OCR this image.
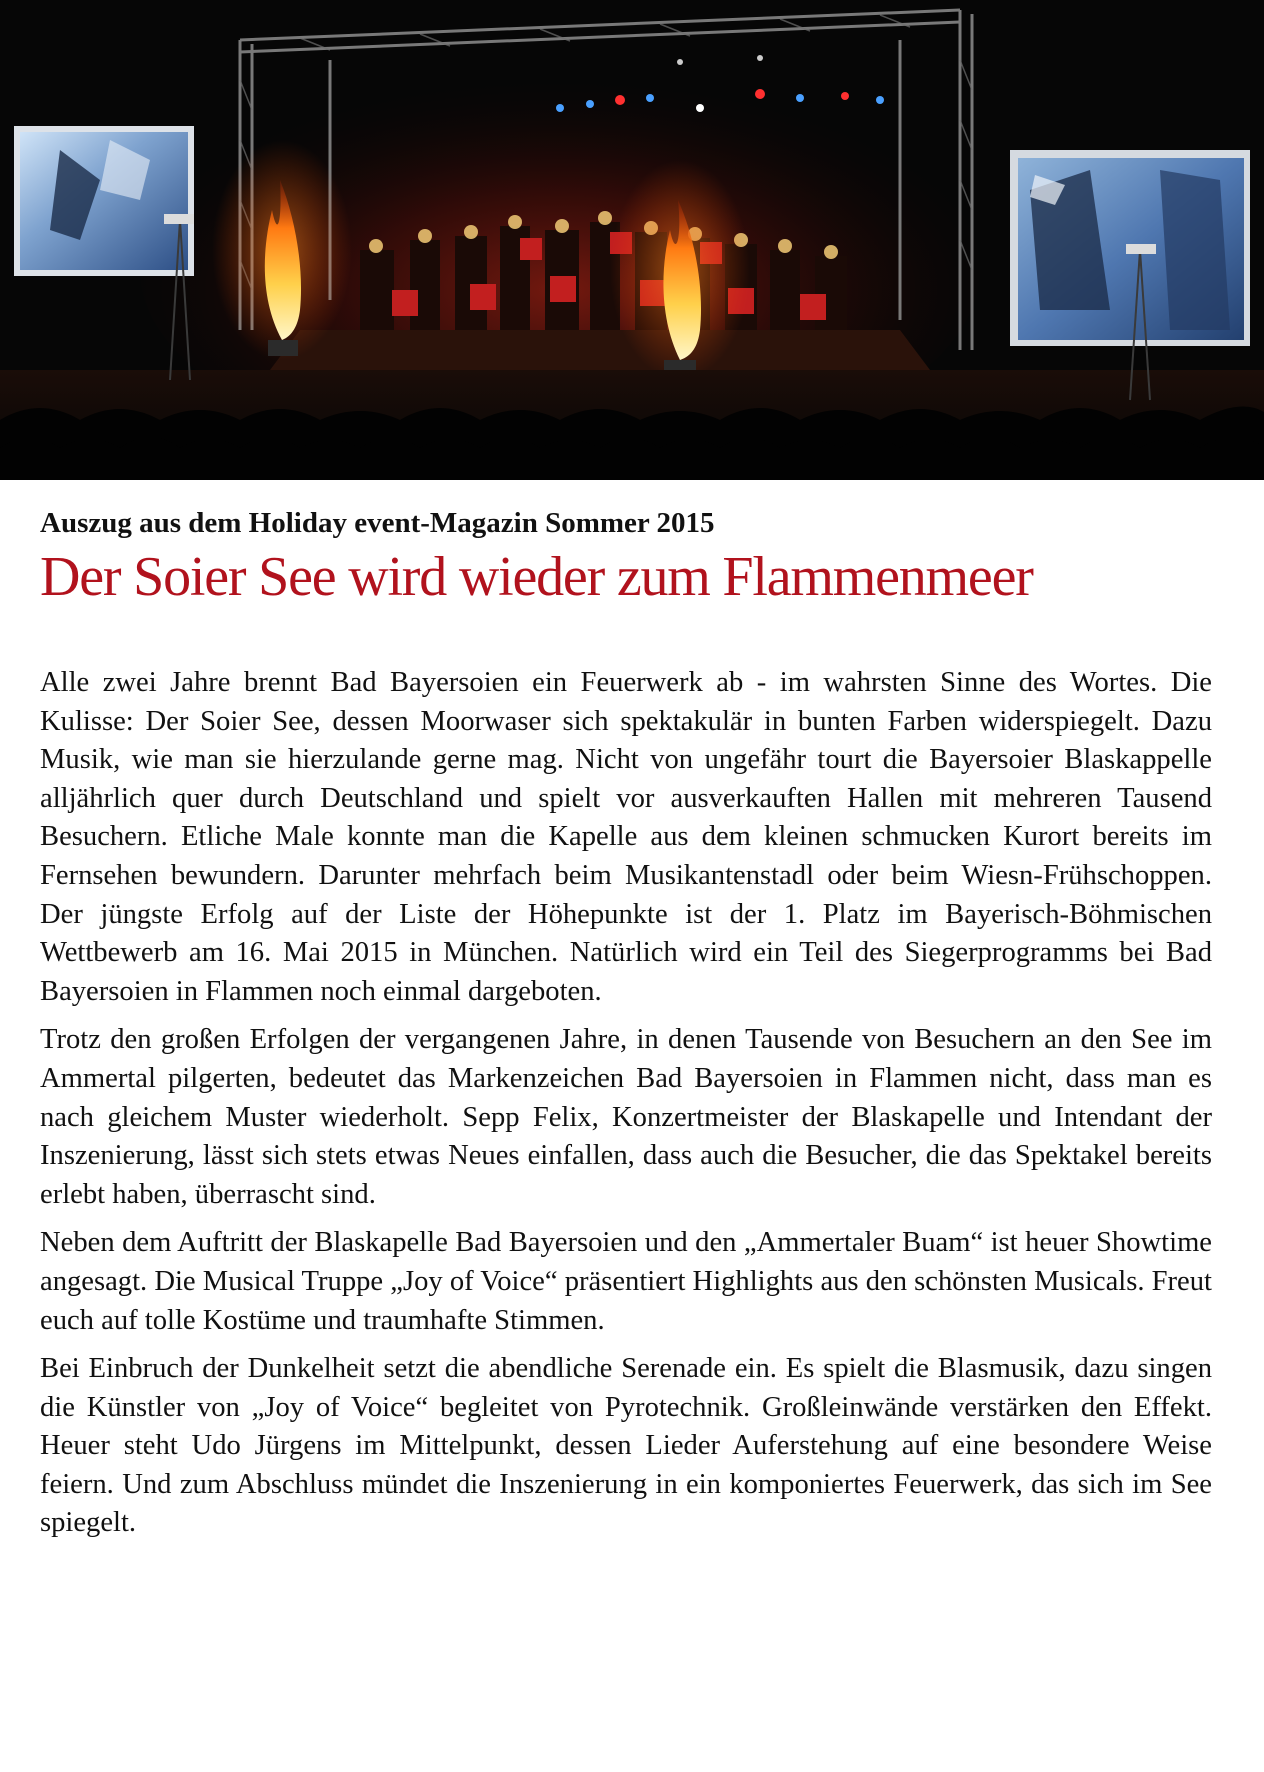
Auszug aus dem Holiday event-Magazin Sommer 2015
Der Soier See wird wieder zum Flammenmeer

Alle zwei Jahre brennt Bad Bayersoien ein Feuerwerk ab - im wahrsten Sinne des Wortes. Die Kulisse: Der Soier See, dessen Moorwaser sich spektakulär in bunten Farben widerspiegelt. Dazu Musik, wie man sie hierzulande gerne mag. Nicht von ungefähr tourt die Bayersoier Blaskappelle alljährlich quer durch Deutschland und spielt vor ausverkauften Hallen mit mehreren Tausend Besuchern. Etliche Male konnte man die Kapelle aus dem kleinen schmucken Kurort bereits im Fernsehen bewundern. Darunter mehrfach beim Musikantenstadl oder beim Wiesn-Frühschoppen. Der jüngste Erfolg auf der Liste der Höhepunkte ist der 1. Platz im Bayerisch-Böhmischen Wettbewerb am 16. Mai 2015 in München. Natürlich wird ein Teil des Siegerprogramms bei Bad Bayersoien in Flammen noch einmal dargeboten.

Trotz den großen Erfolgen der vergangenen Jahre, in denen Tausende von Besuchern an den See im Ammertal pilgerten, bedeutet das Markenzeichen Bad Bayersoien in Flammen nicht, dass man es nach gleichem Muster wiederholt. Sepp Felix, Konzertmeister der Blaskapelle und Intendant der Inszenierung, lässt sich stets etwas Neues einfallen, dass auch die Besucher, die das Spektakel bereits erlebt haben, überrascht sind.

Neben dem Auftritt der Blaskapelle Bad Bayersoien und den „Ammertaler Buam“ ist heuer Showtime angesagt. Die Musical Truppe „Joy of Voice“ präsentiert Highlights aus den schönsten Musicals. Freut euch auf tolle Kostüme und traumhafte Stimmen.

Bei Einbruch der Dunkelheit setzt die abendliche Serenade ein. Es spielt die Blasmusik, dazu singen die Künstler von „Joy of Voice“ begleitet von Pyrotechnik. Großleinwände verstärken den Effekt. Heuer steht Udo Jürgens im Mittelpunkt, dessen Lieder Auferstehung auf eine besondere Weise feiern. Und zum Abschluss mündet die Inszenierung in ein komponiertes Feuerwerk, das sich im See spiegelt.
